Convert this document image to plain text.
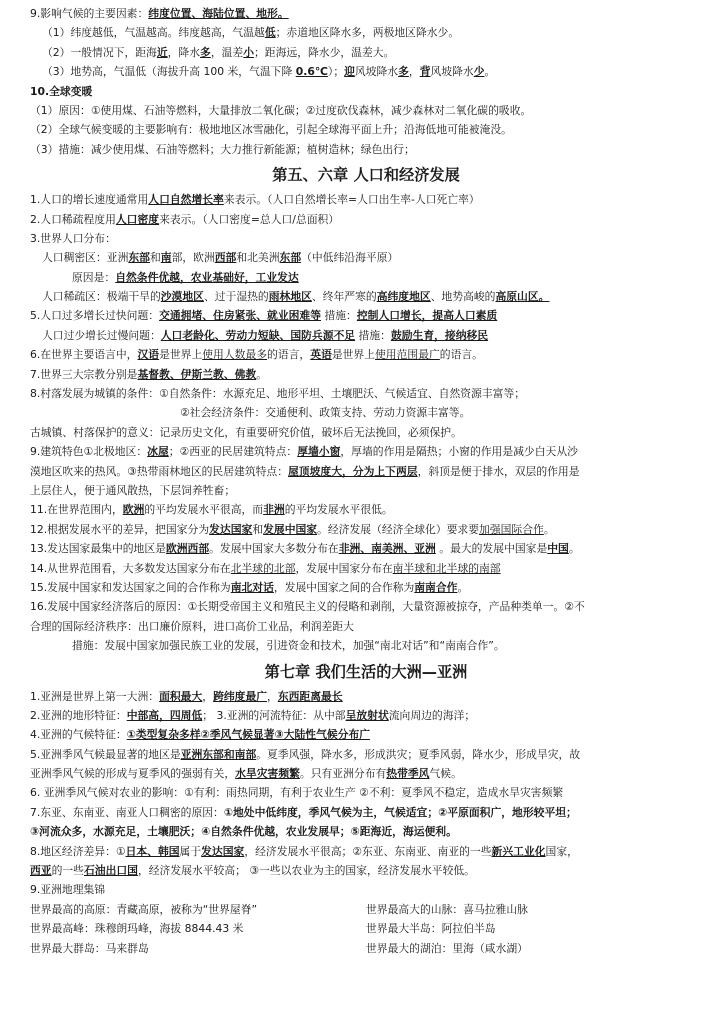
9.影响气候的主要因素：纬度位置、海陆位置、地形。
（1）纬度越低，气温越高。纬度越高，气温越低；赤道地区降水多，两极地区降水少。
（2）一般情况下，距海近，降水多，温差小；距海远，降水少，温差大。
（3）地势高，气温低（海拔升高 100 米，气温下降 0.6℃）；迎风坡降水多，背风坡降水少。
10.全球变暖
（1）原因：①使用煤、石油等燃料，大量排放二氧化碳；②过度砍伐森林，减少森林对二氧化碳的吸收。
（2）全球气候变暖的主要影响有：极地地区冰雪融化，引起全球海平面上升；沿海低地可能被淹没。
（3）措施：减少使用煤、石油等燃料；大力推行新能源；植树造林；绿色出行；
第五、六章 人口和经济发展
1.人口的增长速度通常用人口自然增长率来表示。（人口自然增长率=人口出生率-人口死亡率）
2.人口稀疏程度用人口密度来表示。（人口密度=总人口/总面积）
3.世界人口分布：
人口稠密区：亚洲东部和南部，欧洲西部和北美洲东部（中低纬沿海平原）
原因是：自然条件优越，农业基础好，工业发达
人口稀疏区：极端干旱的沙漠地区、过于湿热的雨林地区、终年严寒的高纬度地区、地势高峻的高原山区。
5.人口过多增长过快问题：交通拥堵、住房紧张、就业困难等 措施：控制人口增长，提高人口素质
人口过少增长过慢问题：人口老龄化、劳动力短缺、国防兵源不足 措施：鼓励生育，接纳移民
6.在世界主要语言中，汉语是世界上使用人数最多的语言，英语是世界上使用范围最广的语言。
7.世界三大宗教分别是基督教、伊斯兰教、佛教。
8.村落发展为城镇的条件：①自然条件：水源充足、地形平坦、土壤肥沃、气候适宜、自然资源丰富等；
②社会经济条件：交通便利、政策支持、劳动力资源丰富等。
古城镇、村落保护的意义：记录历史文化，有重要研究价值，破坏后无法挽回，必须保护。
9.建筑特色①北极地区：冰屋；②西亚的民居建筑特点：厚墙小窗，厚墙的作用是隔热；小窗的作用是减少白天从沙
漠地区吹来的热风。③热带雨林地区的民居建筑特点：屋顶坡度大，分为上下两层，斜顶是便于排水，双层的作用是
上层住人，便于通风散热，下层饲养牲畜；
11.在世界范围内，欧洲的平均发展水平很高，而非洲的平均发展水平很低。
12.根据发展水平的差异，把国家分为发达国家和发展中国家。经济发展（经济全球化）要求要加强国际合作。
13.发达国家最集中的地区是欧洲西部。发展中国家大多数分布在非洲、南美洲、亚洲 。最大的发展中国家是中国。
14.从世界范围看，大多数发达国家分布在北半球的北部，发展中国家分布在南半球和北半球的南部
15.发展中国家和发达国家之间的合作称为南北对话，发展中国家之间的合作称为南南合作。
16.发展中国家经济落后的原因：①长期受帝国主义和殖民主义的侵略和剥削，大量资源被掠夺，产品种类单一。②不
合理的国际经济秩序：出口廉价原料，进口高价工业品，利润差距大
措施：发展中国家加强民族工业的发展，引进资金和技术，加强“南北对话”和“南南合作”。
第七章 我们生活的大洲—亚洲
1.亚洲是世界上第一大洲：面积最大，跨纬度最广，东西距离最长
2.亚洲的地形特征：中部高，四周低； 3.亚洲的河流特征：从中部呈放射状流向周边的海洋；
4.亚洲的气候特征：①类型复杂多样②季风气候显著③大陆性气候分布广
5.亚洲季风气候最显著的地区是亚洲东部和南部。夏季风强，降水多，形成洪灾；夏季风弱，降水少，形成旱灾，故
亚洲季风气候的形成与夏季风的强弱有关，水旱灾害频繁。只有亚洲分布有热带季风气候。
6. 亚洲季风气候对农业的影响：①有利：雨热同期，有利于农业生产 ②不利：夏季风不稳定，造成水旱灾害频繁
7.东亚、东南亚、南亚人口稠密的原因：①地处中低纬度，季风气候为主，气候适宜；②平原面积广，地形较平坦；
③河流众多，水源充足，土壤肥沃；④自然条件优越，农业发展早；⑤距海近，海运便利。
8.地区经济差异：①日本、韩国属于发达国家，经济发展水平很高；②东亚、东南亚、南亚的一些新兴工业化国家，
西亚的一些石油出口国，经济发展水平较高； ③一些以农业为主的国家，经济发展水平较低。
9.亚洲地理集锦
世界最高的高原：青藏高原，被称为“世界屋脊”	世界最高大的山脉：喜马拉雅山脉
世界最高峰：珠穆朗玛峰，海拔 8844.43 米	世界最大半岛：阿拉伯半岛
世界最大群岛：马来群岛	世界最大的湖泊：里海（咸水湖）
